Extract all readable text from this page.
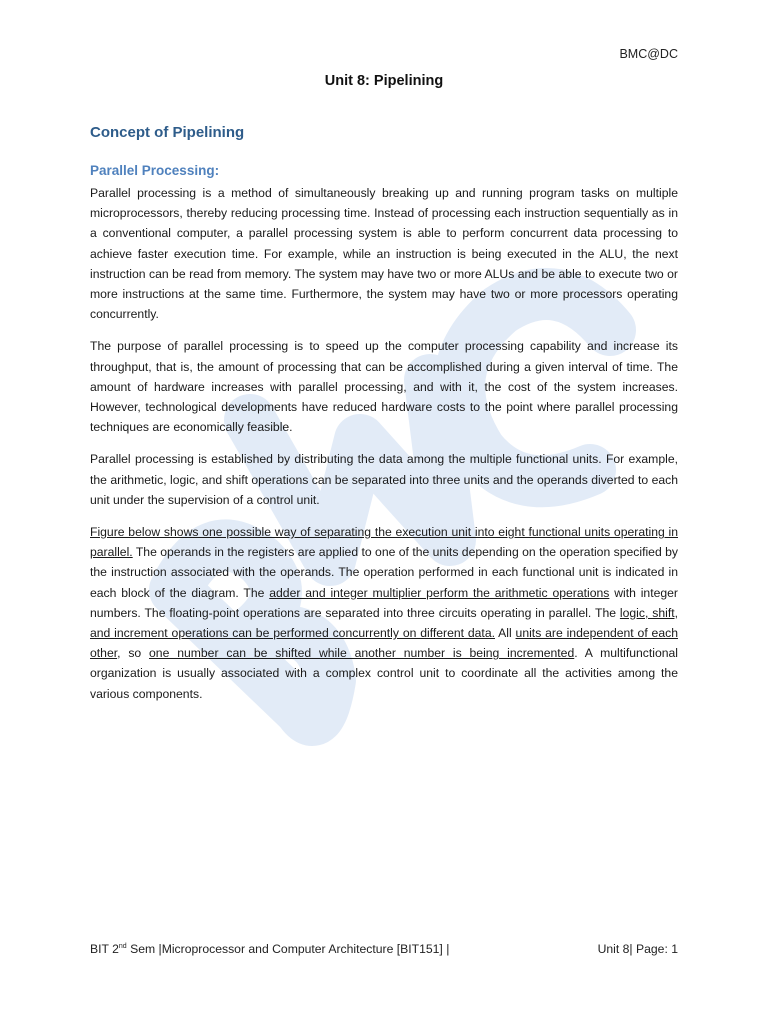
BMC@DC
Unit 8: Pipelining
Concept of Pipelining
Parallel Processing:

Parallel processing is a method of simultaneously breaking up and running program tasks on multiple microprocessors, thereby reducing processing time. Instead of processing each instruction sequentially as in a conventional computer, a parallel processing system is able to perform concurrent data processing to achieve faster execution time. For example, while an instruction is being executed in the ALU, the next instruction can be read from memory. The system may have two or more ALUs and be able to execute two or more instructions at the same time. Furthermore, the system may have two or more processors operating concurrently.

The purpose of parallel processing is to speed up the computer processing capability and increase its throughput, that is, the amount of processing that can be accomplished during a given interval of time. The amount of hardware increases with parallel processing, and with it, the cost of the system increases. However, technological developments have reduced hardware costs to the point where parallel processing techniques are economically feasible.

Parallel processing is established by distributing the data among the multiple functional units. For example, the arithmetic, logic, and shift operations can be separated into three units and the operands diverted to each unit under the supervision of a control unit.

Figure below shows one possible way of separating the execution unit into eight functional units operating in parallel. The operands in the registers are applied to one of the units depending on the operation specified by the instruction associated with the operands. The operation performed in each functional unit is indicated in each block of the diagram. The adder and integer multiplier perform the arithmetic operations with integer numbers. The floating-point operations are separated into three circuits operating in parallel. The logic, shift, and increment operations can be performed concurrently on different data. All units are independent of each other, so one number can be shifted while another number is being incremented. A multifunctional organization is usually associated with a complex control unit to coordinate all the activities among the various components.

BIT 2nd Sem |Microprocessor and Computer Architecture [BIT151] |	Unit 8| Page: 1
